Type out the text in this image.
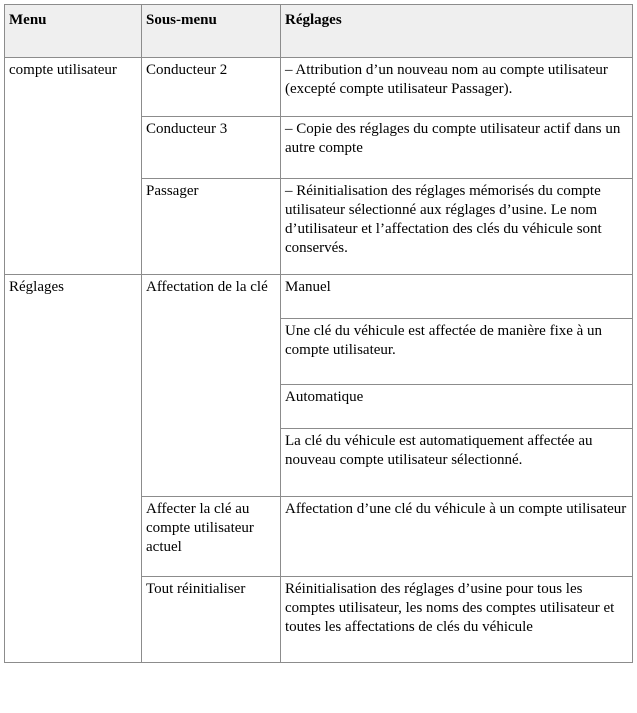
Menu	Sous-menu	Réglages
compte utilisateur	Conducteur 2	– Attribution d’un nouveau nom au compte utilisateur (excepté compte utilisateur Passager).
	Conducteur 3	– Copie des réglages du compte utilisateur actif dans un autre compte
	Passager	– Réinitialisation des réglages mémorisés du compte utilisateur sélectionné aux réglages d’usine. Le nom d’utilisateur et l’affectation des clés du véhicule sont conservés.
Réglages	Affectation de la clé	Manuel
		Une clé du véhicule est affectée de manière fixe à un compte utilisateur.
		Automatique
		La clé du véhicule est automatiquement affectée au nouveau compte utilisateur sélectionné.
	Affecter la clé au compte utilisateur actuel	Affectation d’une clé du véhicule à un compte utilisateur
	Tout réinitialiser	Réinitialisation des réglages d’usine pour tous les comptes utilisateur, les noms des comptes utilisateur et toutes les affectations de clés du véhicule
